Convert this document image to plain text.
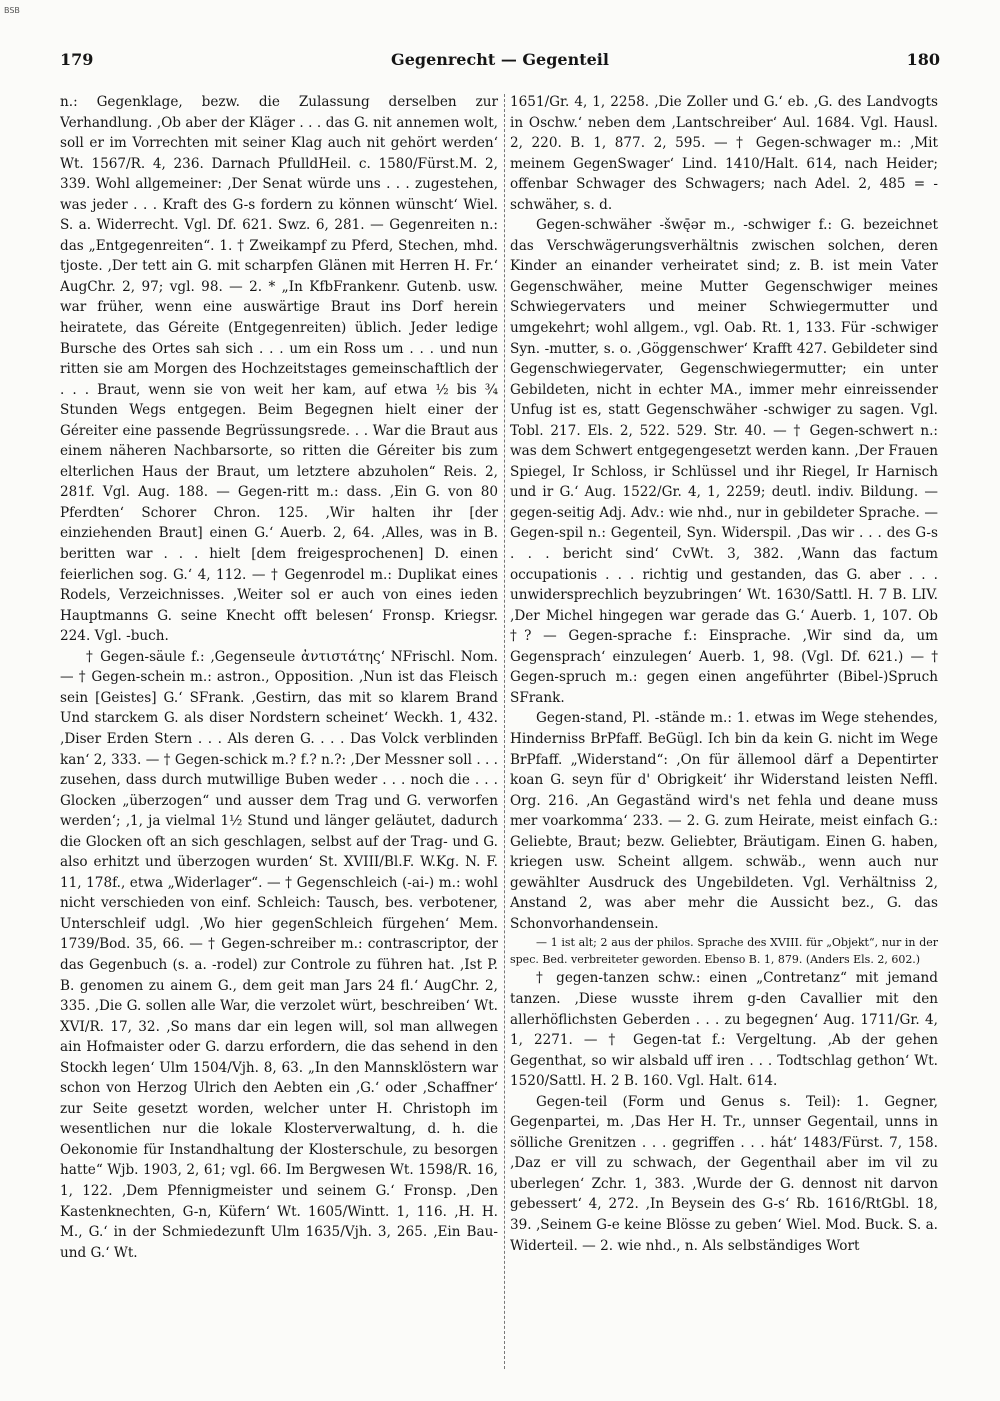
BSB
179	Gegenrecht — Gegenteil	180

n.: Gegenklage, bezw. die Zulassung derselben zur Verhandlung. ‚Ob aber der Kläger . . . das G. nit annemen wolt, soll er im Vorrechten mit seiner Klag auch nit gehört werden‘ Wt. 1567/R. 4, 236. Darnach PfulldHeil. c. 1580/Fürst.M. 2, 339. Wohl allgemeiner: ‚Der Senat würde uns . . . zugestehen, was jeder . . . Kraft des G-s fordern zu können wünscht‘ Wiel. S. a. Widerrecht. Vgl. Df. 621. Swz. 6, 281. — Gegenreiten n.: das „Entgegenreiten“. 1. † Zweikampf zu Pferd, Stechen, mhd. tjoste. ‚Der tett ain G. mit scharpfen Glänen mit Herren H. Fr.‘ AugChr. 2, 97; vgl. 98. — 2. * „In KfbFrankenr. Gutenb. usw. war früher, wenn eine auswärtige Braut ins Dorf herein heiratete, das Géreite (Entgegenreiten) üblich. Jeder ledige Bursche des Ortes sah sich . . . um ein Ross um . . . und nun ritten sie am Morgen des Hochzeitstages gemeinschaftlich der . . . Braut, wenn sie von weit her kam, auf etwa ½ bis ¾ Stunden Wegs entgegen. Beim Begegnen hielt einer der Géreiter eine passende Begrüssungsrede. . . War die Braut aus einem näheren Nachbarsorte, so ritten die Géreiter bis zum elterlichen Haus der Braut, um letztere abzuholen“ Reis. 2, 281f. Vgl. Aug. 188. — Gegen-ritt m.: dass. ‚Ein G. von 80 Pferdten‘ Schorer Chron. 125. ‚Wir halten ihr [der einziehenden Braut] einen G.‘ Auerb. 2, 64. ‚Alles, was in B. beritten war . . . hielt [dem freigesprochenen] D. einen feierlichen sog. G.‘ 4, 112. — † Gegenrodel m.: Duplikat eines Rodels, Verzeichnisses. ‚Weiter sol er auch von eines ieden Hauptmanns G. seine Knecht offt belesen‘ Fronsp. Kriegsr. 224. Vgl. -buch.

† Gegen-säule f.: ‚Gegenseule ἀντιστάτης‘ NFrischl. Nom. — † Gegen-schein m.: astron., Opposition. ‚Nun ist das Fleisch sein [Geistes] G.‘ SFrank. ‚Gestirn, das mit so klarem Brand Und starckem G. als diser Nordstern scheinet‘ Weckh. 1, 432. ‚Diser Erden Stern . . . Als deren G. . . . Das Volck verblinden kan‘ 2, 333. — † Gegen-schick m.? f.? n.?: ‚Der Messner soll . . . zusehen, dass durch mutwillige Buben weder . . . noch die . . . Glocken „überzogen“ und ausser dem Trag und G. verworfen werden‘; ‚1, ja vielmal 1½ Stund und länger geläutet, dadurch die Glocken oft an sich geschlagen, selbst auf der Trag- und G. also erhitzt und überzogen wurden‘ St. XVIII/Bl.F. W.Kg. N. F. 11, 178f., etwa „Widerlager“. — † Gegenschleich (-ai-) m.: wohl nicht verschieden von einf. Schleich: Tausch, bes. verbotener, Unterschleif udgl. ‚Wo hier gegenSchleich fürgehen‘ Mem. 1739/Bod. 35, 66. — † Gegen-schreiber m.: contrascriptor, der das Gegenbuch (s. a. -rodel) zur Controle zu führen hat. ‚Ist P. B. genomen zu ainem G., dem geit man Jars 24 fl.‘ AugChr. 2, 335. ‚Die G. sollen alle War, die verzolet würt, beschreiben‘ Wt. XVI/R. 17, 32. ‚So mans dar ein legen will, sol man allwegen ain Hofmaister oder G. darzu erfordern, die das sehend in den Stockh legen‘ Ulm 1504/Vjh. 8, 63. „In den Mannsklöstern war schon von Herzog Ulrich den Aebten ein ‚G.‘ oder ‚Schaffner‘ zur Seite gesetzt worden, welcher unter H. Christoph im wesentlichen nur die lokale Klosterverwaltung, d. h. die Oekonomie für Instandhaltung der Klosterschule, zu besorgen hatte“ Wjb. 1903, 2, 61; vgl. 66. Im Bergwesen Wt. 1598/R. 16, 1, 122. ‚Dem Pfennigmeister und seinem G.‘ Fronsp. ‚Den Kastenknechten, G-n, Küfern‘ Wt. 1605/Wintt. 1, 116. ‚H. H. M., G.‘ in der Schmiedezunft Ulm 1635/Vjh. 3, 265. ‚Ein Bau- und G.‘ Wt.

1651/Gr. 4, 1, 2258. ‚Die Zoller und G.‘ eb. ‚G. des Landvogts in Oschw.‘ neben dem ‚Lantschreiber‘ Aul. 1684. Vgl. Hausl. 2, 220. B. 1, 877. 2, 595. — † Gegen-schwager m.: ‚Mit meinem GegenSwager‘ Lind. 1410/Halt. 614, nach Heider; offenbar Schwager des Schwagers; nach Adel. 2, 485 = -schwäher, s. d.

Gegen-schwäher -šwę̄ər m., -schwiger f.: G. bezeichnet das Verschwägerungsverhältnis zwischen solchen, deren Kinder an einander verheiratet sind; z. B. ist mein Vater Gegenschwäher, meine Mutter Gegenschwiger meines Schwiegervaters und meiner Schwiegermutter und umgekehrt; wohl allgem., vgl. Oab. Rt. 1, 133. Für -schwiger Syn. -mutter, s. o. ‚Göggenschwer‘ Krafft 427. Gebildeter sind Gegenschwiegervater, Gegenschwiegermutter; ein unter Gebildeten, nicht in echter MA., immer mehr einreissender Unfug ist es, statt Gegenschwäher -schwiger zu sagen. Vgl. Tobl. 217. Els. 2, 522. 529. Str. 40. — † Gegen-schwert n.: was dem Schwert entgegengesetzt werden kann. ‚Der Frauen Spiegel, Ir Schloss, ir Schlüssel und ihr Riegel, Ir Harnisch und ir G.‘ Aug. 1522/Gr. 4, 1, 2259; deutl. indiv. Bildung. — gegen-seitig Adj. Adv.: wie nhd., nur in gebildeter Sprache. — Gegen-spil n.: Gegenteil, Syn. Widerspil. ‚Das wir . . . des G-s . . . bericht sind‘ CvWt. 3, 382. ‚Wann das factum occupationis . . . richtig und gestanden, das G. aber . . . unwidersprechlich beyzubringen‘ Wt. 1630/Sattl. H. 7 B. LIV. ‚Der Michel hingegen war gerade das G.‘ Auerb. 1, 107. Ob †? — Gegen-sprache f.: Einsprache. ‚Wir sind da, um Gegensprach‘ einzulegen‘ Auerb. 1, 98. (Vgl. Df. 621.) — † Gegen-spruch m.: gegen einen angeführter (Bibel-)Spruch SFrank.

Gegen-stand, Pl. -stände m.: 1. etwas im Wege stehendes, Hinderniss BrPfaff. BeGügl. Ich bin da kein G. nicht im Wege BrPfaff. „Widerstand“: ‚On für ällemool därf a Depentirter koan G. seyn für d' Obrigkeit‘ ihr Widerstand leisten Neffl. Org. 216. ‚An Gegaständ wird's net fehla und deane muss mer voarkomma‘ 233. — 2. G. zum Heirate, meist einfach G.: Geliebte, Braut; bezw. Geliebter, Bräutigam. Einen G. haben, kriegen usw. Scheint allgem. schwäb., wenn auch nur gewählter Ausdruck des Ungebildeten. Vgl. Verhältniss 2, Anstand 2, was aber mehr die Aussicht bez., G. das Schonvorhandensein.

— 1 ist alt; 2 aus der philos. Sprache des XVIII. für „Objekt“, nur in der spec. Bed. verbreiteter geworden. Ebenso B. 1, 879. (Anders Els. 2, 602.)

† gegen-tanzen schw.: einen „Contretanz“ mit jemand tanzen. ‚Diese wusste ihrem g-den Cavallier mit den allerhöflichsten Geberden . . . zu begegnen‘ Aug. 1711/Gr. 4, 1, 2271. — † Gegen-tat f.: Vergeltung. ‚Ab der gehen Gegenthat, so wir alsbald uff iren . . . Todtschlag gethon‘ Wt. 1520/Sattl. H. 2 B. 160. Vgl. Halt. 614.

Gegen-teil (Form und Genus s. Teil): 1. Gegner, Gegenpartei, m. ‚Das Her H. Tr., unnser Gegentail, unns in sölliche Grenitzen . . . gegriffen . . . hát‘ 1483/Fürst. 7, 158. ‚Daz er vill zu schwach, der Gegenthail aber im vil zu uberlegen‘ Zchr. 1, 383. ‚Wurde der G. dennost nit darvon gebessert‘ 4, 272. ‚In Beysein des G-s‘ Rb. 1616/RtGbl. 18, 39. ‚Seinem G-e keine Blösse zu geben‘ Wiel. Mod. Buck. S. a. Widerteil. — 2. wie nhd., n. Als selbständiges Wort
